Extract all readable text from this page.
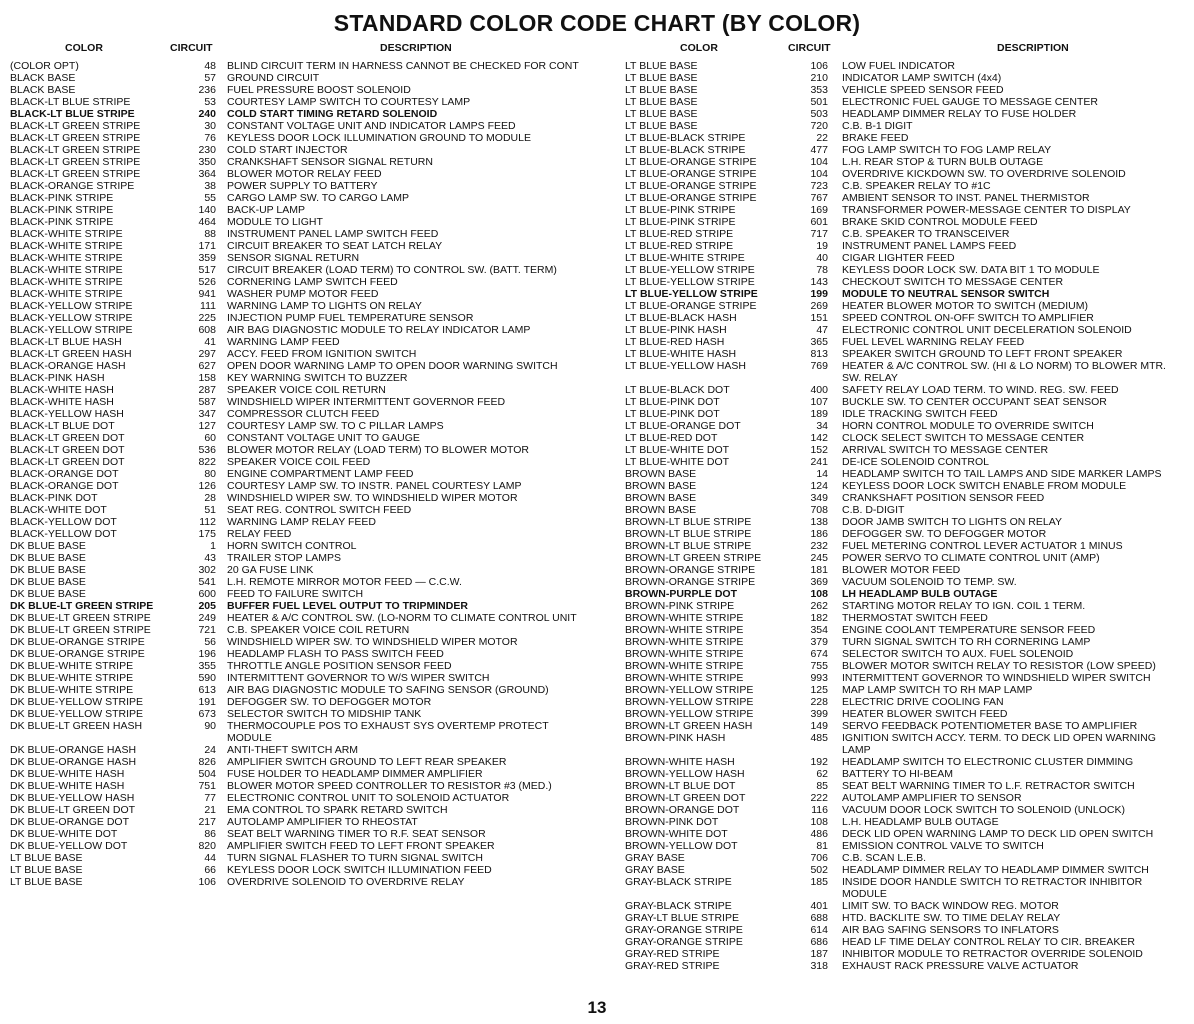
STANDARD COLOR CODE CHART (BY COLOR)
COLOR	CIRCUIT	DESCRIPTION
(COLOR OPT)	48	BLIND CIRCUIT TERM IN HARNESS CANNOT BE CHECKED FOR CONT
BLACK BASE	57	GROUND CIRCUIT
BLACK BASE	236	FUEL PRESSURE BOOST SOLENOID
BLACK-LT BLUE STRIPE	53	COURTESY LAMP SWITCH TO COURTESY LAMP
BLACK-LT BLUE STRIPE	240	COLD START TIMING RETARD SOLENOID
BLACK-LT GREEN STRIPE	30	CONSTANT VOLTAGE UNIT AND INDICATOR LAMPS FEED
BLACK-LT GREEN STRIPE	76	KEYLESS DOOR LOCK ILLUMINATION GROUND TO MODULE
BLACK-LT GREEN STRIPE	230	COLD START INJECTOR
BLACK-LT GREEN STRIPE	350	CRANKSHAFT SENSOR SIGNAL RETURN
BLACK-LT GREEN STRIPE	364	BLOWER MOTOR RELAY FEED
BLACK-ORANGE STRIPE	38	POWER SUPPLY TO BATTERY
BLACK-PINK STRIPE	55	CARGO LAMP SW. TO CARGO LAMP
BLACK-PINK STRIPE	140	BACK-UP LAMP
BLACK-PINK STRIPE	464	MODULE TO LIGHT
BLACK-WHITE STRIPE	88	INSTRUMENT PANEL LAMP SWITCH FEED
BLACK-WHITE STRIPE	171	CIRCUIT BREAKER TO SEAT LATCH RELAY
BLACK-WHITE STRIPE	359	SENSOR SIGNAL RETURN
BLACK-WHITE STRIPE	517	CIRCUIT BREAKER (LOAD TERM) TO CONTROL SW. (BATT. TERM)
BLACK-WHITE STRIPE	526	CORNERING LAMP SWITCH FEED
BLACK-WHITE STRIPE	941	WASHER PUMP MOTOR FEED
BLACK-YELLOW STRIPE	111	WARNING LAMP TO LIGHTS ON RELAY
BLACK-YELLOW STRIPE	225	INJECTION PUMP FUEL TEMPERATURE SENSOR
BLACK-YELLOW STRIPE	608	AIR BAG DIAGNOSTIC MODULE TO RELAY INDICATOR LAMP
BLACK-LT BLUE HASH	41	WARNING LAMP FEED
BLACK-LT GREEN HASH	297	ACCY. FEED FROM IGNITION SWITCH
BLACK-ORANGE HASH	627	OPEN DOOR WARNING LAMP TO OPEN DOOR WARNING SWITCH
BLACK-PINK HASH	158	KEY WARNING SWITCH TO BUZZER
BLACK-WHITE HASH	287	SPEAKER VOICE COIL RETURN
BLACK-WHITE HASH	587	WINDSHIELD WIPER INTERMITTENT GOVERNOR FEED
BLACK-YELLOW HASH	347	COMPRESSOR CLUTCH FEED
BLACK-LT BLUE DOT	127	COURTESY LAMP SW. TO C PILLAR LAMPS
BLACK-LT GREEN DOT	60	CONSTANT VOLTAGE UNIT TO GAUGE
BLACK-LT GREEN DOT	536	BLOWER MOTOR RELAY (LOAD TERM) TO BLOWER MOTOR
BLACK-LT GREEN DOT	822	SPEAKER VOICE COIL FEED
BLACK-ORANGE DOT	80	ENGINE COMPARTMENT LAMP FEED
BLACK-ORANGE DOT	126	COURTESY LAMP SW. TO INSTR. PANEL COURTESY LAMP
BLACK-PINK DOT	28	WINDSHIELD WIPER SW. TO WINDSHIELD WIPER MOTOR
BLACK-WHITE DOT	51	SEAT REG. CONTROL SWITCH FEED
BLACK-YELLOW DOT	112	WARNING LAMP RELAY FEED
BLACK-YELLOW DOT	175	RELAY FEED
DK BLUE BASE	1	HORN SWITCH CONTROL
DK BLUE BASE	43	TRAILER STOP LAMPS
DK BLUE BASE	302	20 GA FUSE LINK
DK BLUE BASE	541	L.H. REMOTE MIRROR MOTOR FEED — C.C.W.
DK BLUE BASE	600	FEED TO FAILURE SWITCH
DK BLUE-LT GREEN STRIPE	205	BUFFER FUEL LEVEL OUTPUT TO TRIPMINDER
DK BLUE-LT GREEN STRIPE	249	HEATER & A/C CONTROL SW. (LO-NORM TO CLIMATE CONTROL UNIT
DK BLUE-LT GREEN STRIPE	721	C.B. SPEAKER VOICE COIL RETURN
DK BLUE-ORANGE STRIPE	56	WINDSHIELD WIPER SW. TO WINDSHIELD WIPER MOTOR
DK BLUE-ORANGE STRIPE	196	HEADLAMP FLASH TO PASS SWITCH FEED
DK BLUE-WHITE STRIPE	355	THROTTLE ANGLE POSITION SENSOR FEED
DK BLUE-WHITE STRIPE	590	INTERMITTENT GOVERNOR TO W/S WIPER SWITCH
DK BLUE-WHITE STRIPE	613	AIR BAG DIAGNOSTIC MODULE TO SAFING SENSOR (GROUND)
DK BLUE-YELLOW STRIPE	191	DEFOGGER SW. TO DEFOGGER MOTOR
DK BLUE-YELLOW STRIPE	673	SELECTOR SWITCH TO MIDSHIP TANK
DK BLUE-LT GREEN HASH	90	THERMOCOUPLE POS TO EXHAUST SYS OVERTEMP PROTECT MODULE
DK BLUE-ORANGE HASH	24	ANTI-THEFT SWITCH ARM
DK BLUE-ORANGE HASH	826	AMPLIFIER SWITCH GROUND TO LEFT REAR SPEAKER
DK BLUE-WHITE HASH	504	FUSE HOLDER TO HEADLAMP DIMMER AMPLIFIER
DK BLUE-WHITE HASH	751	BLOWER MOTOR SPEED CONTROLLER TO RESISTOR #3 (MED.)
DK BLUE-YELLOW HASH	77	ELECTRONIC CONTROL UNIT TO SOLENOID ACTUATOR
DK BLUE-LT GREEN DOT	21	EMA CONTROL TO SPARK RETARD SWITCH
DK BLUE-ORANGE DOT	217	AUTOLAMP AMPLIFIER TO RHEOSTAT
DK BLUE-WHITE DOT	86	SEAT BELT WARNING TIMER TO R.F. SEAT SENSOR
DK BLUE-YELLOW DOT	820	AMPLIFIER SWITCH FEED TO LEFT FRONT SPEAKER
LT BLUE BASE	44	TURN SIGNAL FLASHER TO TURN SIGNAL SWITCH
LT BLUE BASE	66	KEYLESS DOOR LOCK SWITCH ILLUMINATION FEED
LT BLUE BASE	106	OVERDRIVE SOLENOID TO OVERDRIVE RELAY
COLOR	CIRCUIT	DESCRIPTION
LT BLUE BASE	106	LOW FUEL INDICATOR
LT BLUE BASE	210	INDICATOR LAMP SWITCH (4x4)
LT BLUE BASE	353	VEHICLE SPEED SENSOR FEED
LT BLUE BASE	501	ELECTRONIC FUEL GAUGE TO MESSAGE CENTER
LT BLUE BASE	503	HEADLAMP DIMMER RELAY TO FUSE HOLDER
LT BLUE BASE	720	C.B. B-1 DIGIT
LT BLUE-BLACK STRIPE	22	BRAKE FEED
LT BLUE-BLACK STRIPE	477	FOG LAMP SWITCH TO FOG LAMP RELAY
LT BLUE-ORANGE STRIPE	104	L.H. REAR STOP & TURN BULB OUTAGE
LT BLUE-ORANGE STRIPE	104	OVERDRIVE KICKDOWN SW. TO OVERDRIVE SOLENOID
LT BLUE-ORANGE STRIPE	723	C.B. SPEAKER RELAY TO #1C
LT BLUE-ORANGE STRIPE	767	AMBIENT SENSOR TO INST. PANEL THERMISTOR
LT BLUE-PINK STRIPE	169	TRANSFORMER POWER-MESSAGE CENTER TO DISPLAY
LT BLUE-PINK STRIPE	601	BRAKE SKID CONTROL MODULE FEED
LT BLUE-RED STRIPE	717	C.B. SPEAKER TO TRANSCEIVER
LT BLUE-RED STRIPE	19	INSTRUMENT PANEL LAMPS FEED
LT BLUE-WHITE STRIPE	40	CIGAR LIGHTER FEED
LT BLUE-YELLOW STRIPE	78	KEYLESS DOOR LOCK SW. DATA BIT 1 TO MODULE
LT BLUE-YELLOW STRIPE	143	CHECKOUT SWITCH TO MESSAGE CENTER
LT BLUE-YELLOW STRIPE	199	MODULE TO NEUTRAL SENSOR SWITCH
LT BLUE-ORANGE STRIPE	269	HEATER BLOWER MOTOR TO SWITCH (MEDIUM)
LT BLUE-BLACK HASH	151	SPEED CONTROL ON-OFF SWITCH TO AMPLIFIER
LT BLUE-PINK HASH	47	ELECTRONIC CONTROL UNIT DECELERATION SOLENOID
LT BLUE-RED HASH	365	FUEL LEVEL WARNING RELAY FEED
LT BLUE-WHITE HASH	813	SPEAKER SWITCH GROUND TO LEFT FRONT SPEAKER
LT BLUE-YELLOW HASH	769	HEATER & A/C CONTROL SW. (HI & LO NORM) TO BLOWER MTR. SW. RELAY
LT BLUE-BLACK DOT	400	SAFETY RELAY LOAD TERM. TO WIND. REG. SW. FEED
LT BLUE-PINK DOT	107	BUCKLE SW. TO CENTER OCCUPANT SEAT SENSOR
LT BLUE-PINK DOT	189	IDLE TRACKING SWITCH FEED
LT BLUE-ORANGE DOT	34	HORN CONTROL MODULE TO OVERRIDE SWITCH
LT BLUE-RED DOT	142	CLOCK SELECT SWITCH TO MESSAGE CENTER
LT BLUE-WHITE DOT	152	ARRIVAL SWITCH TO MESSAGE CENTER
LT BLUE-WHITE DOT	241	DE-ICE SOLENOID CONTROL
BROWN BASE	14	HEADLAMP SWITCH TO TAIL LAMPS AND SIDE MARKER LAMPS
BROWN BASE	124	KEYLESS DOOR LOCK SWITCH ENABLE FROM MODULE
BROWN BASE	349	CRANKSHAFT POSITION SENSOR FEED
BROWN BASE	708	C.B. D-DIGIT
BROWN-LT BLUE STRIPE	138	DOOR JAMB SWITCH TO LIGHTS ON RELAY
BROWN-LT BLUE STRIPE	186	DEFOGGER SW. TO DEFOGGER MOTOR
BROWN-LT BLUE STRIPE	232	FUEL METERING CONTROL LEVER ACTUATOR 1 MINUS
BROWN-LT GREEN STRIPE	245	POWER SERVO TO CLIMATE CONTROL UNIT (AMP)
BROWN-ORANGE STRIPE	181	BLOWER MOTOR FEED
BROWN-ORANGE STRIPE	369	VACUUM SOLENOID TO TEMP. SW.
BROWN-PURPLE DOT	108	LH HEADLAMP BULB OUTAGE
BROWN-PINK STRIPE	262	STARTING MOTOR RELAY TO IGN. COIL 1 TERM.
BROWN-WHITE STRIPE	182	THERMOSTAT SWITCH FEED
BROWN-WHITE STRIPE	354	ENGINE COOLANT TEMPERATURE SENSOR FEED
BROWN-WHITE STRIPE	379	TURN SIGNAL SWITCH TO RH CORNERING LAMP
BROWN-WHITE STRIPE	674	SELECTOR SWITCH TO AUX. FUEL SOLENOID
BROWN-WHITE STRIPE	755	BLOWER MOTOR SWITCH RELAY TO RESISTOR (LOW SPEED)
BROWN-WHITE STRIPE	993	INTERMITTENT GOVERNOR TO WINDSHIELD WIPER SWITCH
BROWN-YELLOW STRIPE	125	MAP LAMP SWITCH TO RH MAP LAMP
BROWN-YELLOW STRIPE	228	ELECTRIC DRIVE COOLING FAN
BROWN-YELLOW STRIPE	399	HEATER BLOWER SWITCH FEED
BROWN-LT GREEN HASH	149	SERVO FEEDBACK POTENTIOMETER BASE TO AMPLIFIER
BROWN-PINK HASH	485	IGNITION SWITCH ACCY. TERM. TO DECK LID OPEN WARNING LAMP
BROWN-WHITE HASH	192	HEADLAMP SWITCH TO ELECTRONIC CLUSTER DIMMING
BROWN-YELLOW HASH	62	BATTERY TO HI-BEAM
BROWN-LT BLUE DOT	85	SEAT BELT WARNING TIMER TO L.F. RETRACTOR SWITCH
BROWN-LT GREEN DOT	222	AUTOLAMP AMPLIFIER TO SENSOR
BROWN-ORANGE DOT	116	VACUUM DOOR LOCK SWITCH TO SOLENOID (UNLOCK)
BROWN-PINK DOT	108	L.H. HEADLAMP BULB OUTAGE
BROWN-WHITE DOT	486	DECK LID OPEN WARNING LAMP TO DECK LID OPEN SWITCH
BROWN-YELLOW DOT	81	EMISSION CONTROL VALVE TO SWITCH
GRAY BASE	706	C.B. SCAN L.E.B.
GRAY BASE	502	HEADLAMP DIMMER RELAY TO HEADLAMP DIMMER SWITCH
GRAY-BLACK STRIPE	185	INSIDE DOOR HANDLE SWITCH TO RETRACTOR INHIBITOR MODULE
GRAY-BLACK STRIPE	401	LIMIT SW. TO BACK WINDOW REG. MOTOR
GRAY-LT BLUE STRIPE	688	HTD. BACKLITE SW. TO TIME DELAY RELAY
GRAY-ORANGE STRIPE	614	AIR BAG SAFING SENSORS TO INFLATORS
GRAY-ORANGE STRIPE	686	HEAD LF TIME DELAY CONTROL RELAY TO CIR. BREAKER
GRAY-RED STRIPE	187	INHIBITOR MODULE TO RETRACTOR OVERRIDE SOLENOID
GRAY-RED STRIPE	318	EXHAUST RACK PRESSURE VALVE ACTUATOR
13
